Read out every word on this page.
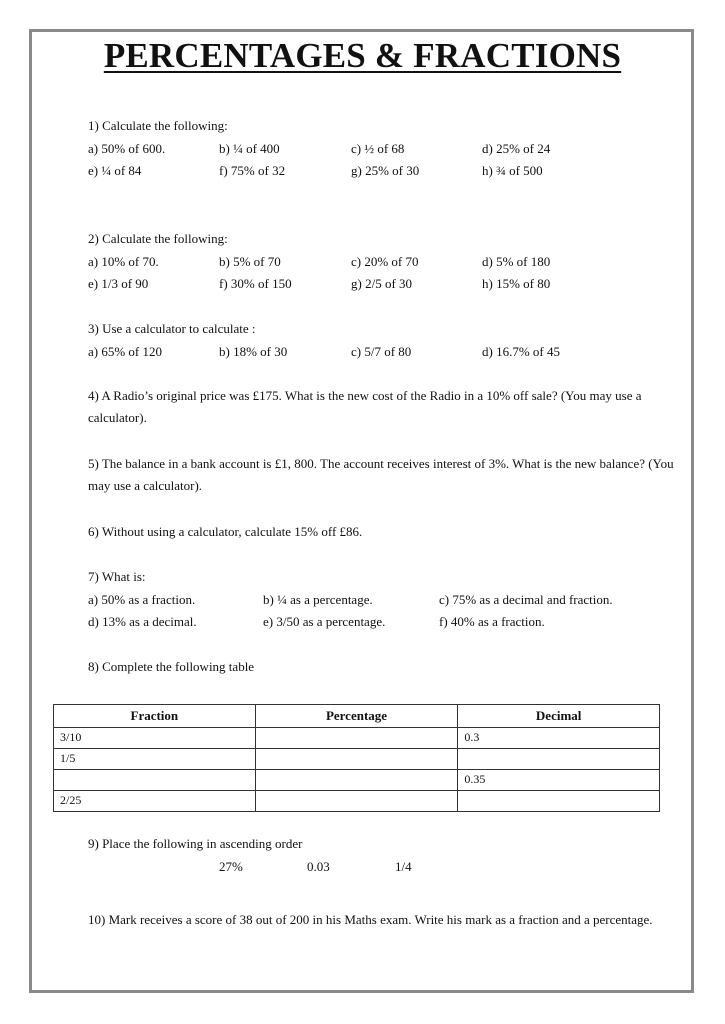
PERCENTAGES & FRACTIONS
1) Calculate the following:
a) 50% of 600.	b) ¼ of 400	c) ½ of 68	d) 25% of 24
e) ¼ of 84	f) 75% of 32	g) 25% of 30	h) ¾ of 500
2) Calculate the following:
a) 10% of 70.	b) 5% of 70	c) 20% of 70	d) 5% of 180
e) 1/3 of 90	f) 30% of 150	g) 2/5 of 30	h) 15% of 80
3) Use a calculator to calculate :
a) 65% of 120	b) 18% of 30	c) 5/7 of 80	d) 16.7% of 45
4) A Radio’s original price was £175. What is the new cost of the Radio in a 10% off sale? (You may use a calculator).
5) The balance in a bank account is £1, 800. The account receives interest of 3%. What is the new balance? (You may use a calculator).
6) Without using a calculator, calculate 15% off £86.
7) What is:
a) 50% as a fraction.	b) ¼ as a percentage.	c) 75% as a decimal and fraction.
d) 13% as a decimal.	e) 3/50 as a percentage.	f) 40% as a fraction.
8) Complete the following table
Fraction	Percentage	Decimal
3/10		0.3
1/5		
		0.35
2/25		
9) Place the following in ascending order
27%	0.03	1/4
10) Mark receives a score of 38 out of 200 in his Maths exam. Write his mark as a fraction and a percentage.
